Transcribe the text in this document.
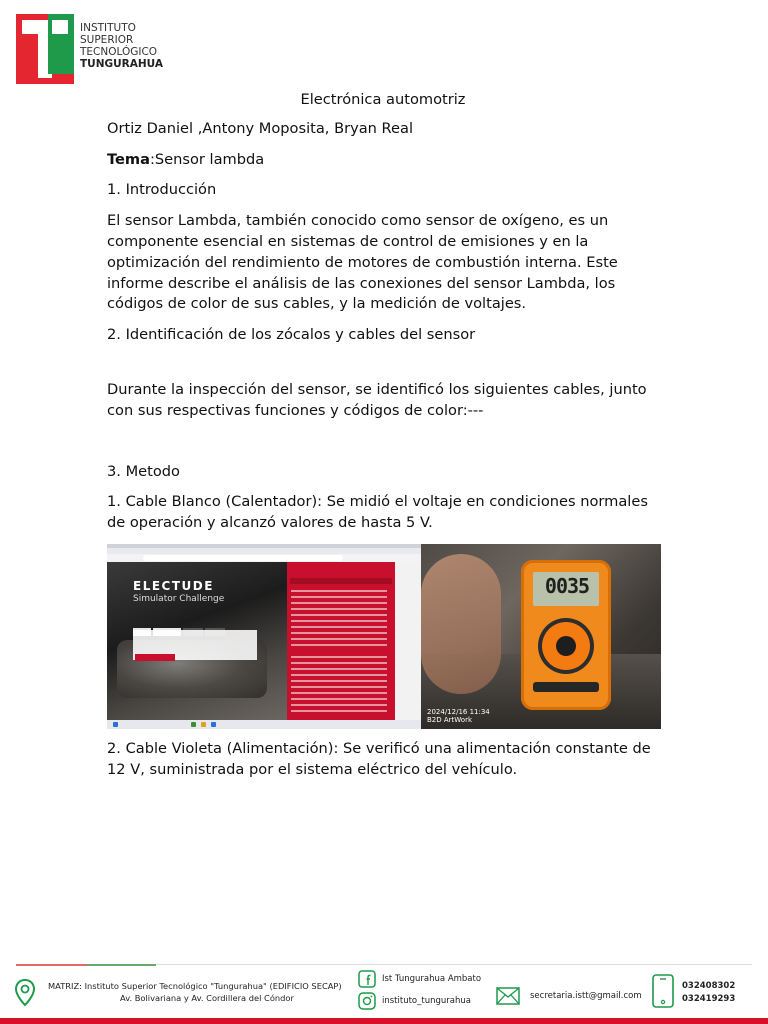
INSTITUTO
SUPERIOR
TECNOLÓGICO
TUNGURAHUA
Electrónica automotriz
Ortiz Daniel ,Antony Moposita, Bryan Real
Tema:Sensor lambda
1. Introducción
El sensor Lambda, también conocido como sensor de oxígeno, es un componente esencial en sistemas de control de emisiones y en la optimización del rendimiento de motores de combustión interna. Este informe describe el análisis de las conexiones del sensor Lambda, los códigos de color de sus cables, y la medición de voltajes.
2. Identificación de los zócalos y cables del sensor
Durante la inspección del sensor, se identificó los siguientes cables, junto con sus respectivas funciones y códigos de color:---
3. Metodo
1. Cable Blanco (Calentador): Se midió el voltaje en condiciones normales de operación y alcanzó valores de hasta 5 V.
ELECTUDE
Simulator Challenge
0035
2024/12/16 11:34
B2D ArtWork
2. Cable Violeta (Alimentación): Se verificó una alimentación constante de 12 V, suministrada por el sistema eléctrico del vehículo.
MATRIZ: Instituto Superior Tecnológico "Tungurahua" (EDIFICIO SECAP)
Av. Bolivariana y Av. Cordillera del Cóndor
Ist Tungurahua Ambato
instituto_tungurahua	secretaria.istt@gmail.com
032408302
032419293
